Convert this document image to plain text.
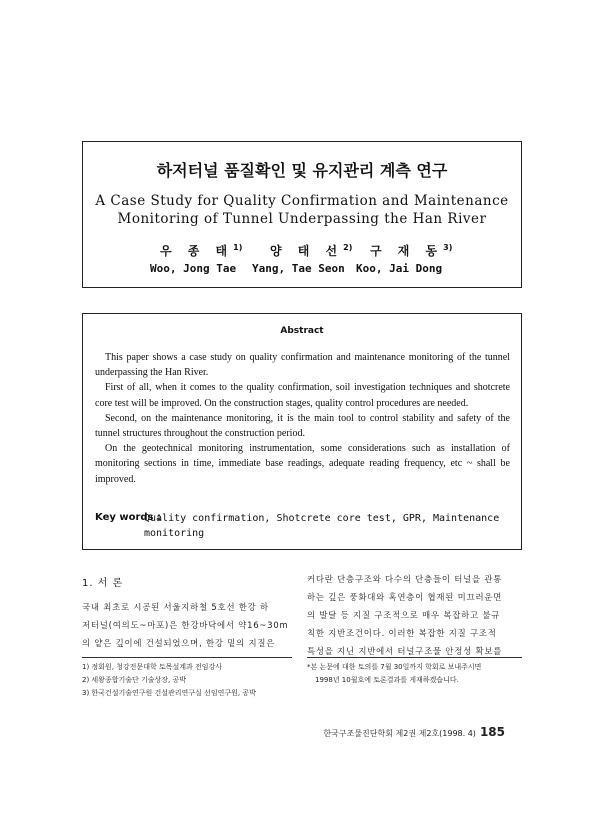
하저터널 품질확인 및 유지관리 계측 연구
A Case Study for Quality Confirmation and Maintenance
Monitoring of Tunnel Underpassing the Han River
우 종 태$^{1)}$ 양 태 선$^{2)}$ 구 재 동$^{3)}$
Woo, Jong Tae Yang, Tae Seon Koo, Jai Dong
Abstract

This paper shows a case study on quality confirmation and maintenance monitoring of the tunnel underpassing the Han River.

First of all, when it comes to the quality confirmation, soil investigation techniques and shotcrete core test will be improved. On the construction stages, quality control procedures are needed.

Second, on the maintenance monitoring, it is the main tool to control stability and safety of the tunnel structures throughout the construction period.

On the geotechnical monitoring instrumentation, some considerations such as installation of monitoring sections in time, immediate base readings, adequate reading frequency, etc ~ shall be improved.

Key words :
Quality confirmation, Shotcrete core test, GPR, Maintenance monitoring
1. 서 론
국내 최초로 시공된 서울지하철 5호선 한강 하
저터널(여의도~마포)은 한강바닥에서 약16~30m
의 얕은 깊이에 건설되었으며, 한강 밑의 지질은
커다란 단층구조와 다수의 단층들이 터널을 관통
하는 깊은 풍화대와 혹연층이 협재된 미끄러운면
의 발달 등 지질 구조적으로 매우 복잡하고 불규
칙한 지반조건이다. 이러한 복잡한 지질 구조적
특성을 지닌 지반에서 터널구조물 안정성 확보를
1) 정회원, 청강전문대학 토목설계과 전임강사
2) 세왕종합기술단 기술상장, 공박
3) 한국건설기술연구원 건설관리연구실 선임연구원, 공박
*본 논문에 대한 토의를 7월 30일까지 학회로 보내주시면
1998년 10월호에 토론결과를 게재하겠습니다.
한국구조물진단학회 제2권 제2호(1998. 4) 185
